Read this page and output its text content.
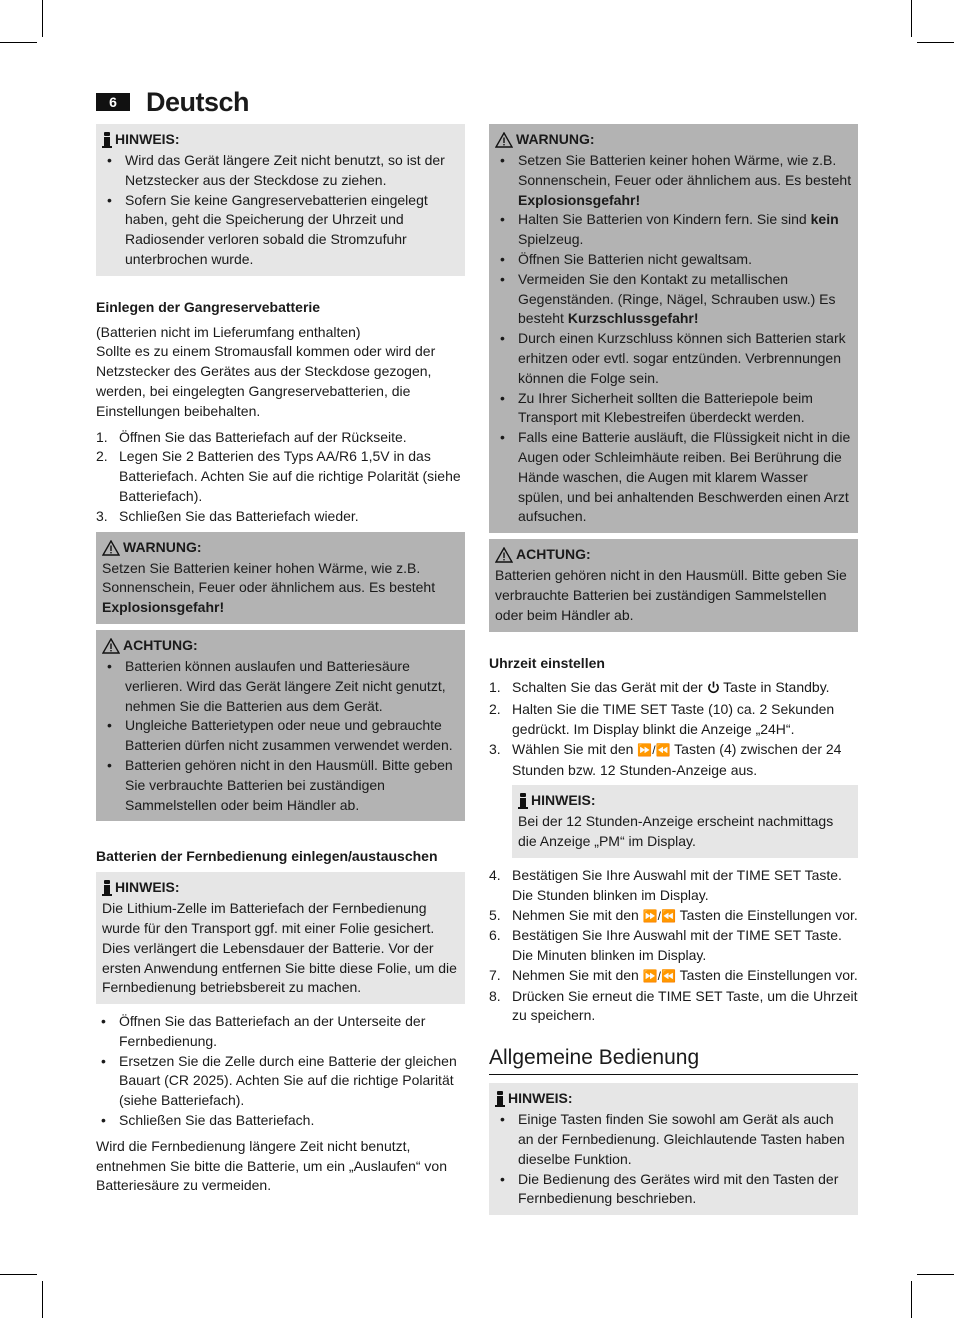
6	Deutsch
HINWEIS:
• Wird das Gerät längere Zeit nicht benutzt, so ist der Netzstecker aus der Steckdose zu ziehen.
• Sofern Sie keine Gangreservebatterien eingelegt haben, geht die Speicherung der Uhrzeit und Radiosender verloren sobald die Stromzufuhr unterbrochen wurde.
Einlegen der Gangreservebatterie

(Batterien nicht im Lieferumfang enthalten)

Sollte es zu einem Stromausfall kommen oder wird der Netzstecker des Gerätes aus der Steckdose gezogen, werden, bei eingelegten Gangreservebatterien, die Einstellungen beibehalten.

1. Öffnen Sie das Batteriefach auf der Rückseite.
2. Legen Sie 2 Batterien des Typs AA/R6 1,5V in das Batteriefach. Achten Sie auf die richtige Polarität (siehe Batteriefach).
3. Schließen Sie das Batteriefach wieder.
WARNUNG:

Setzen Sie Batterien keiner hohen Wärme, wie z.B. Sonnenschein, Feuer oder ähnlichem aus. Es besteht Explosionsgefahr!

ACHTUNG:
• Batterien können auslaufen und Batteriesäure verlieren. Wird das Gerät längere Zeit nicht genutzt, nehmen Sie die Batterien aus dem Gerät.
• Ungleiche Batterietypen oder neue und gebrauchte Batterien dürfen nicht zusammen verwendet werden.
• Batterien gehören nicht in den Hausmüll. Bitte geben Sie verbrauchte Batterien bei zuständigen Sammelstellen oder beim Händler ab.
Batterien der Fernbedienung einlegen/austauschen
HINWEIS:

Die Lithium-Zelle im Batteriefach der Fernbedienung wurde für den Transport ggf. mit einer Folie gesichert. Dies verlängert die Lebensdauer der Batterie. Vor der ersten Anwendung entfernen Sie bitte diese Folie, um die Fernbedienung betriebsbereit zu machen.

• Öffnen Sie das Batteriefach an der Unterseite der Fernbedienung.
• Ersetzen Sie die Zelle durch eine Batterie der gleichen Bauart (CR 2025). Achten Sie auf die richtige Polarität (siehe Batteriefach).
• Schließen Sie das Batteriefach.

Wird die Fernbedienung längere Zeit nicht benutzt, entnehmen Sie bitte die Batterie, um ein „Auslaufen“ von Batteriesäure zu vermeiden.

WARNUNG:
• Setzen Sie Batterien keiner hohen Wärme, wie z.B. Sonnenschein, Feuer oder ähnlichem aus. Es besteht Explosionsgefahr!
• Halten Sie Batterien von Kindern fern. Sie sind kein Spielzeug.
• Öffnen Sie Batterien nicht gewaltsam.
• Vermeiden Sie den Kontakt zu metallischen Gegenständen. (Ringe, Nägel, Schrauben usw.) Es besteht Kurzschlussgefahr!
• Durch einen Kurzschluss können sich Batterien stark erhitzen oder evtl. sogar entzünden. Verbrennungen können die Folge sein.
• Zu Ihrer Sicherheit sollten die Batteriepole beim Transport mit Klebestreifen überdeckt werden.
• Falls eine Batterie ausläuft, die Flüssigkeit nicht in die Augen oder Schleimhäute reiben. Bei Berührung die Hände waschen, die Augen mit klarem Wasser spülen, und bei anhaltenden Beschwerden einen Arzt aufsuchen.
ACHTUNG:

Batterien gehören nicht in den Hausmüll. Bitte geben Sie verbrauchte Batterien bei zuständigen Sammelstellen oder beim Händler ab.

Uhrzeit einstellen
1. Schalten Sie das Gerät mit der  Taste in Standby.
2. Halten Sie die TIME SET Taste (10) ca. 2 Sekunden gedrückt. Im Display blinkt die Anzeige „24H“.
3. Wählen Sie mit den ⏩/⏪ Tasten (4) zwischen der 24 Stunden bzw. 12 Stunden-Anzeige aus.
HINWEIS:

Bei der 12 Stunden-Anzeige erscheint nachmittags die Anzeige „PM“ im Display.

4. Bestätigen Sie Ihre Auswahl mit der TIME SET Taste. Die Stunden blinken im Display.
5. Nehmen Sie mit den ⏩/⏪ Tasten die Einstellungen vor.
6. Bestätigen Sie Ihre Auswahl mit der TIME SET Taste. Die Minuten blinken im Display.
7. Nehmen Sie mit den ⏩/⏪ Tasten die Einstellungen vor.
8. Drücken Sie erneut die TIME SET Taste, um die Uhrzeit zu speichern.
Allgemeine Bedienung
HINWEIS:
• Einige Tasten finden Sie sowohl am Gerät als auch an der Fernbedienung. Gleichlautende Tasten haben dieselbe Funktion.
• Die Bedienung des Gerätes wird mit den Tasten der Fernbedienung beschrieben.
